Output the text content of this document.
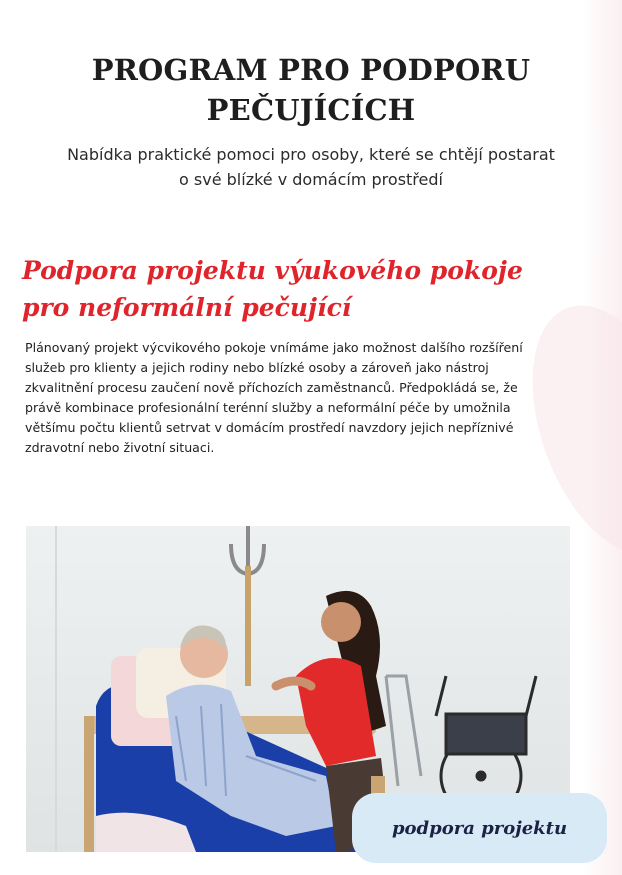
PROGRAM PRO PODPORU
PEČUJÍCÍCH
Nabídka praktické pomoci pro osoby, které se chtějí postarat
o své blízké v domácím prostředí
Podpora projektu výukového pokoje
pro neformální pečující
Plánovaný projekt výcvikového pokoje vnímáme jako možnost dalšího rozšíření
služeb pro klienty a jejich rodiny nebo blízké osoby a zároveň jako nástroj
zkvalitnění procesu zaučení nově příchozích zaměstnanců. Předpokládá se, že
právě kombinace profesionální terénní služby a neformální péče by umožnila
většímu počtu klientů setrvat v domácím prostředí navzdory jejich nepříznivé
zdravotní nebo životní situaci.
podpora projektu
